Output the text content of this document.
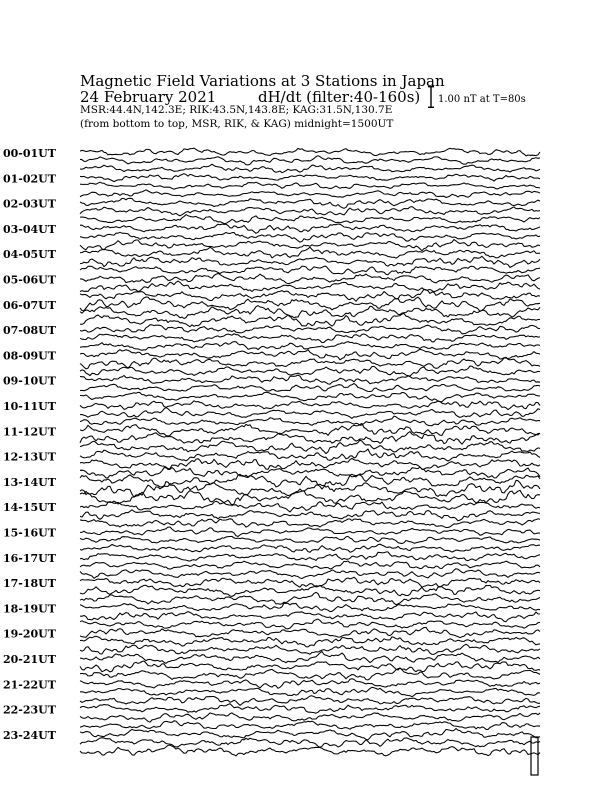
Magnetic Field Variations at 3 Stations in Japan
24 February 2021	dH/dt (filter:40-160s)
MSR:44.4N,142.3E; RIK:43.5N,143.8E; KAG:31.5N,130.7E
(from bottom to top, MSR, RIK, & KAG) midnight=1500UT
1.00 nT at T=80s
00-01UT
01-02UT
02-03UT
03-04UT
04-05UT
05-06UT
06-07UT
07-08UT
08-09UT
09-10UT
10-11UT
11-12UT
12-13UT
13-14UT
14-15UT
15-16UT
16-17UT
17-18UT
18-19UT
19-20UT
20-21UT
21-22UT
22-23UT
23-24UT
